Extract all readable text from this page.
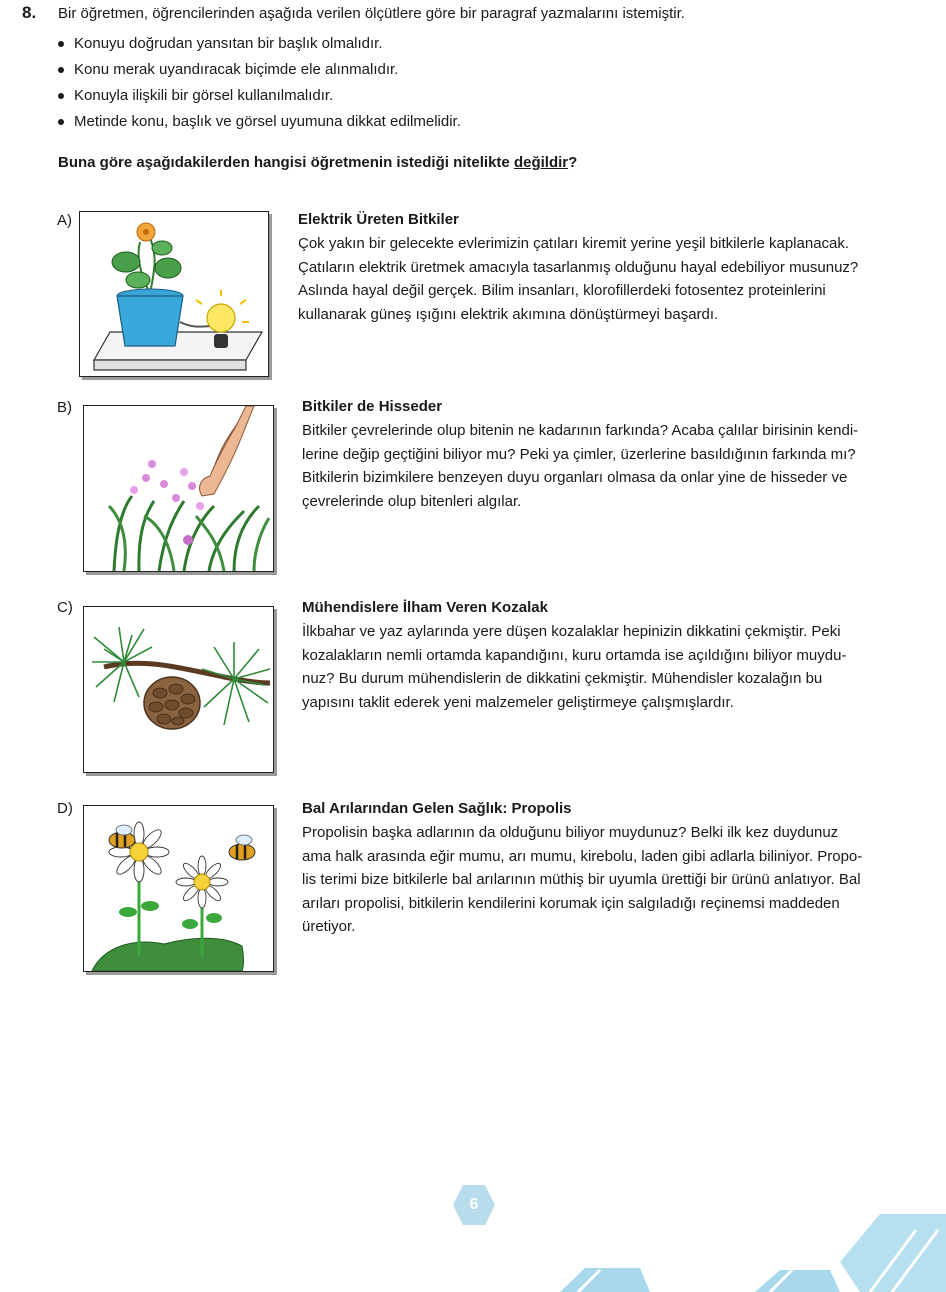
8. Bir öğretmen, öğrencilerinden aşağıda verilen ölçütlere göre bir paragraf yazmalarını istemiştir.
Konuyu doğrudan yansıtan bir başlık olmalıdır.
Konu merak uyandıracak biçimde ele alınmalıdır.
Konuyla ilişkili bir görsel kullanılmalıdır.
Metinde konu, başlık ve görsel uyumuna dikkat edilmelidir.
Buna göre aşağıdakilerden hangisi öğretmenin istediği nitelikte değildir?
A)	Elektrik Üreten Bitkiler
Çok yakın bir gelecekte evlerimizin çatıları kiremit yerine yeşil bitkilerle kaplanacak.
Çatıların elektrik üretmek amacıyla tasarlanmış olduğunu hayal edebiliyor musunuz?
Aslında hayal değil gerçek. Bilim insanları, klorofillerdeki fotosentez proteinlerini
kullanarak güneş ışığını elektrik akımına dönüştürmeyi başardı.
B)	Bitkiler de Hisseder
Bitkiler çevrelerinde olup bitenin ne kadarının farkında? Acaba çalılar birisinin kendi-
lerine değip geçtiğini biliyor mu? Peki ya çimler, üzerlerine basıldığının farkında mı?
Bitkilerin bizimkilere benzeyen duyu organları olmasa da onlar yine de hisseder ve
çevrelerinde olup bitenleri algılar.
C)	Mühendislere İlham Veren Kozalak
İlkbahar ve yaz aylarında yere düşen kozalaklar hepinizin dikkatini çekmiştir. Peki
kozalakların nemli ortamda kapandığını, kuru ortamda ise açıldığını biliyor muydu-
nuz? Bu durum mühendislerin de dikkatini çekmiştir. Mühendisler kozalağın bu
yapısını taklit ederek yeni malzemeler geliştirmeye çalışmışlardır.
D)	Bal Arılarından Gelen Sağlık: Propolis
Propolisin başka adlarının da olduğunu biliyor muydunuz? Belki ilk kez duydunuz
ama halk arasında eğir mumu, arı mumu, kirebolu, laden gibi adlarla biliniyor. Propo-
lis terimi bize bitkilerle bal arılarının müthiş bir uyumla ürettiği bir ürünü anlatıyor. Bal
arıları propolisi, bitkilerin kendilerini korumak için salgıladığı reçinemsi maddeden
üretiyor.
6
